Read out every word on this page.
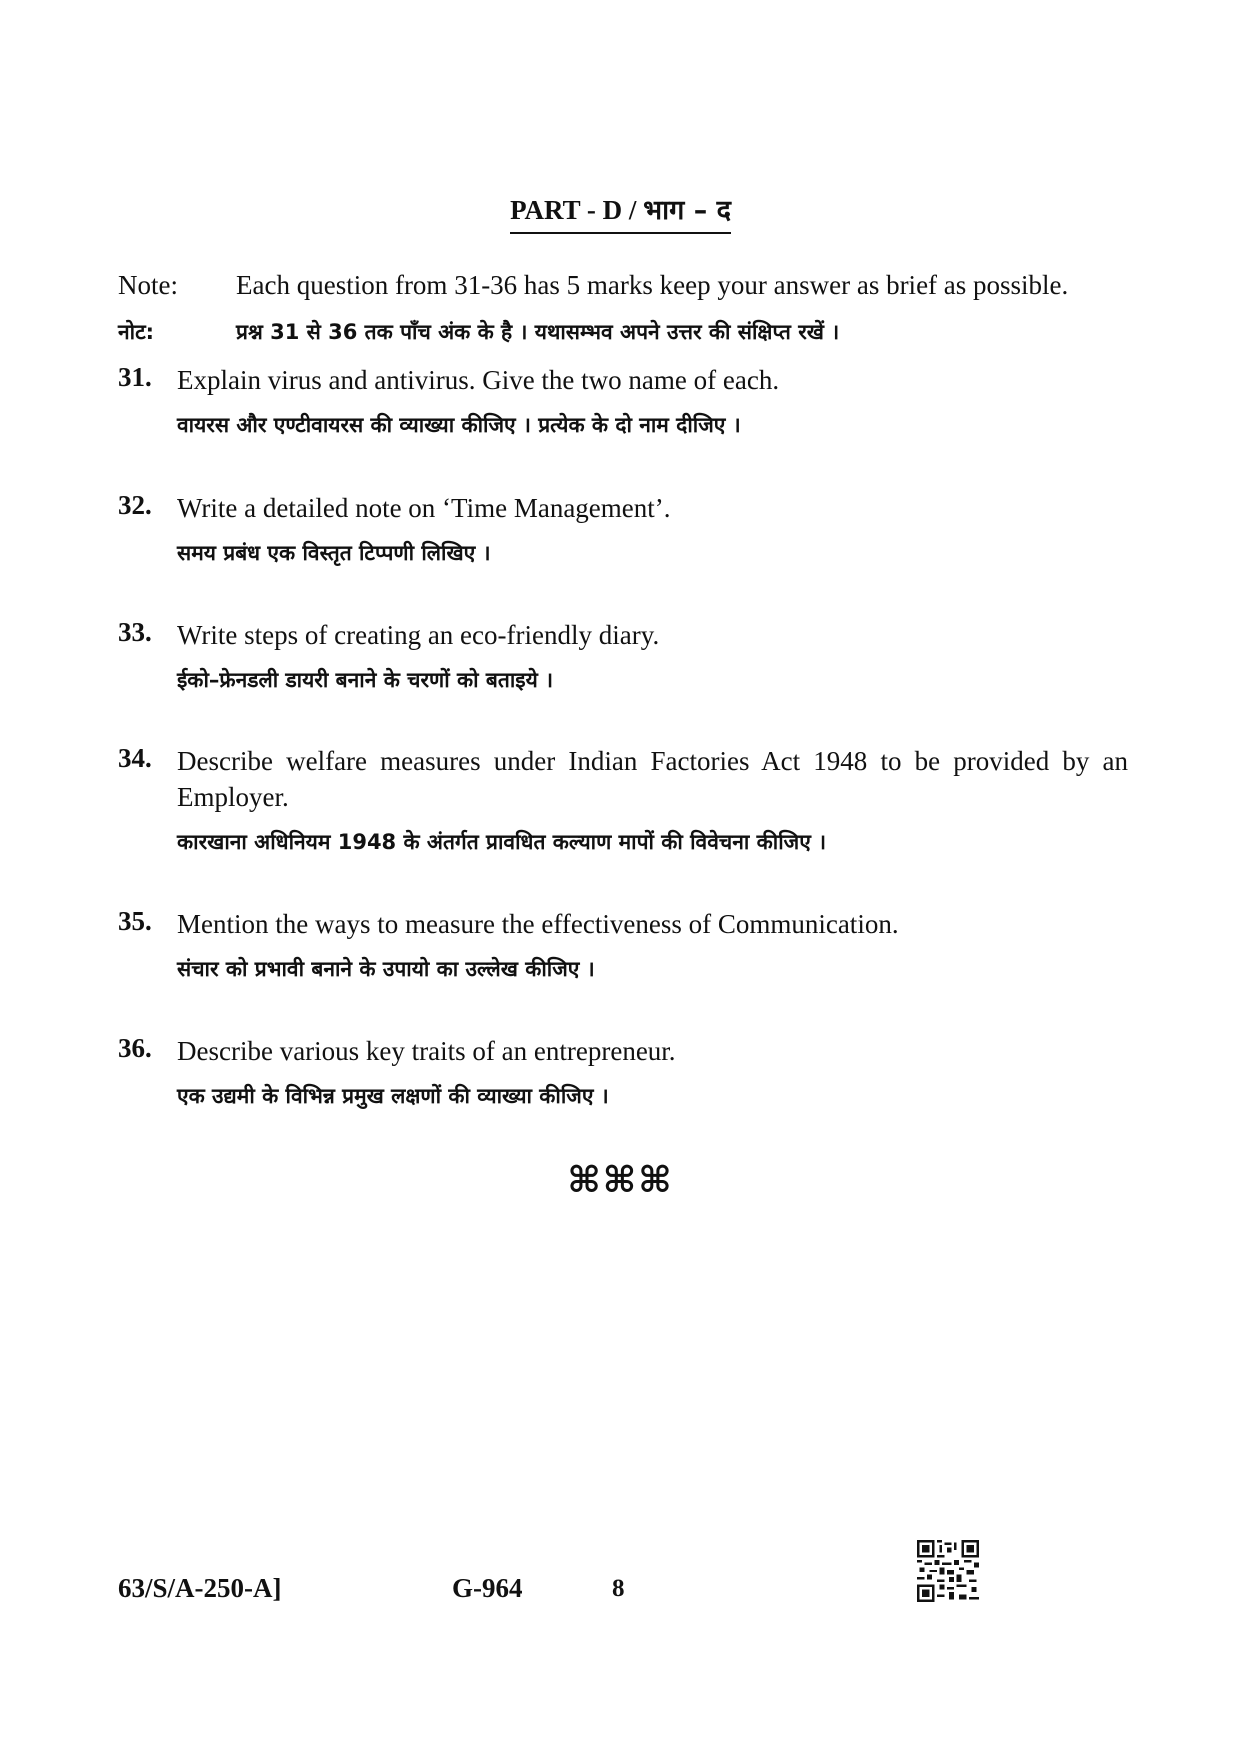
PART - D / भाग – द
Note: Each question from 31-36 has 5 marks keep your answer as brief as possible.
नोट:	प्रश्न 31 से 36 तक पाँच अंक के है । यथासम्भव अपने उत्तर की संक्षिप्त रखें ।
31. Explain virus and antivirus. Give the two name of each.
वायरस और एण्टीवायरस की व्याख्या कीजिए । प्रत्येक के दो नाम दीजिए ।
32. Write a detailed note on ‘Time Management’.
समय प्रबंध एक विस्तृत टिप्पणी लिखिए ।
33. Write steps of creating an eco-friendly diary.
ईको–फ्रेनडली डायरी बनाने के चरणों को बताइये ।
34. Describe welfare measures under Indian Factories Act 1948 to be provided by an Employer.
कारखाना अधिनियम 1948 के अंतर्गत प्रावधित कल्याण मापों की विवेचना कीजिए ।
35. Mention the ways to measure the effectiveness of Communication.
संचार को प्रभावी बनाने के उपायो का उल्लेख कीजिए ।
36. Describe various key traits of an entrepreneur.
एक उद्यमी के विभिन्न प्रमुख लक्षणों की व्याख्या कीजिए ।
⌘⌘⌘
63/S/A-250-A]	G-964	8
